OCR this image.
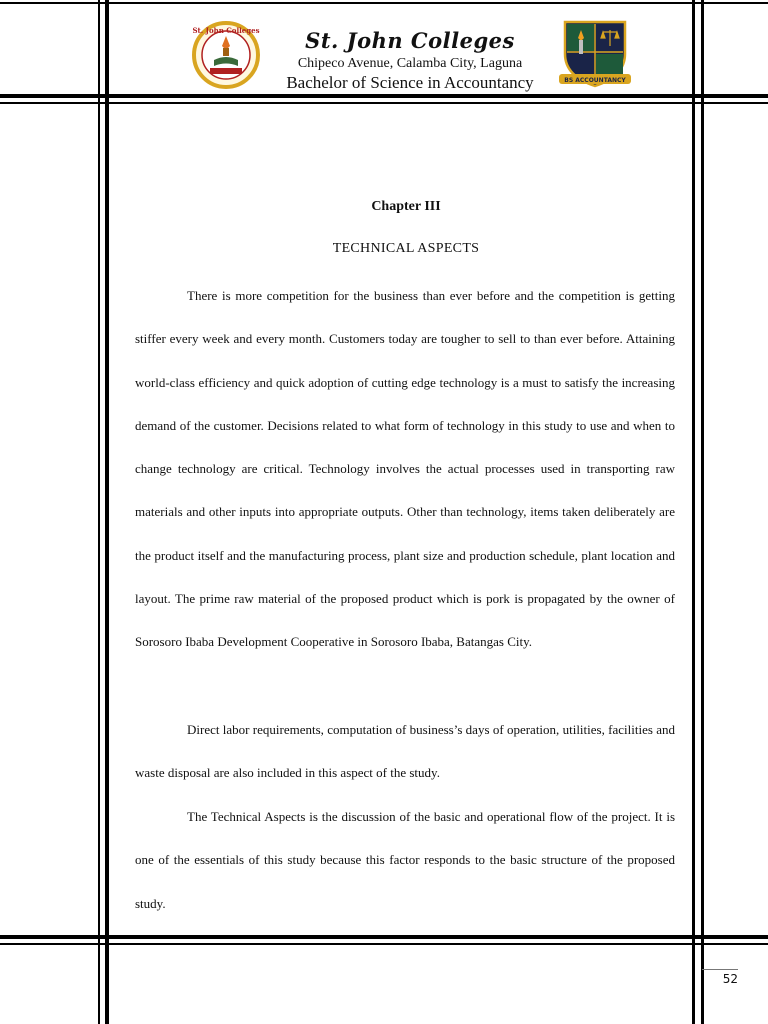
St. John Colleges	St. John Colleges
Chipeco Avenue, Calamba City, Laguna
Bachelor of Science in Accountancy	BS ACCOUNTANCY
Chapter III
TECHNICAL ASPECTS

There is more competition for the business than ever before and the competition is getting stiffer every week and every month. Customers today are tougher to sell to than ever before. Attaining world-class efficiency and quick adoption of cutting edge technology is a must to satisfy the increasing demand of the customer. Decisions related to what form of technology in this study to use and when to change technology are critical. Technology involves the actual processes used in transporting raw materials and other inputs into appropriate outputs. Other than technology, items taken deliberately are the product itself and the manufacturing process, plant size and production schedule, plant location and layout. The prime raw material of the proposed product which is pork is propagated by the owner of Sorosoro Ibaba Development Cooperative in Sorosoro Ibaba, Batangas City.

Direct labor requirements, computation of business’s days of operation, utilities, facilities and waste disposal are also included in this aspect of the study.

The Technical Aspects is the discussion of the basic and operational flow of the project. It is one of the essentials of this study because this factor responds to the basic structure of the proposed study.

52
